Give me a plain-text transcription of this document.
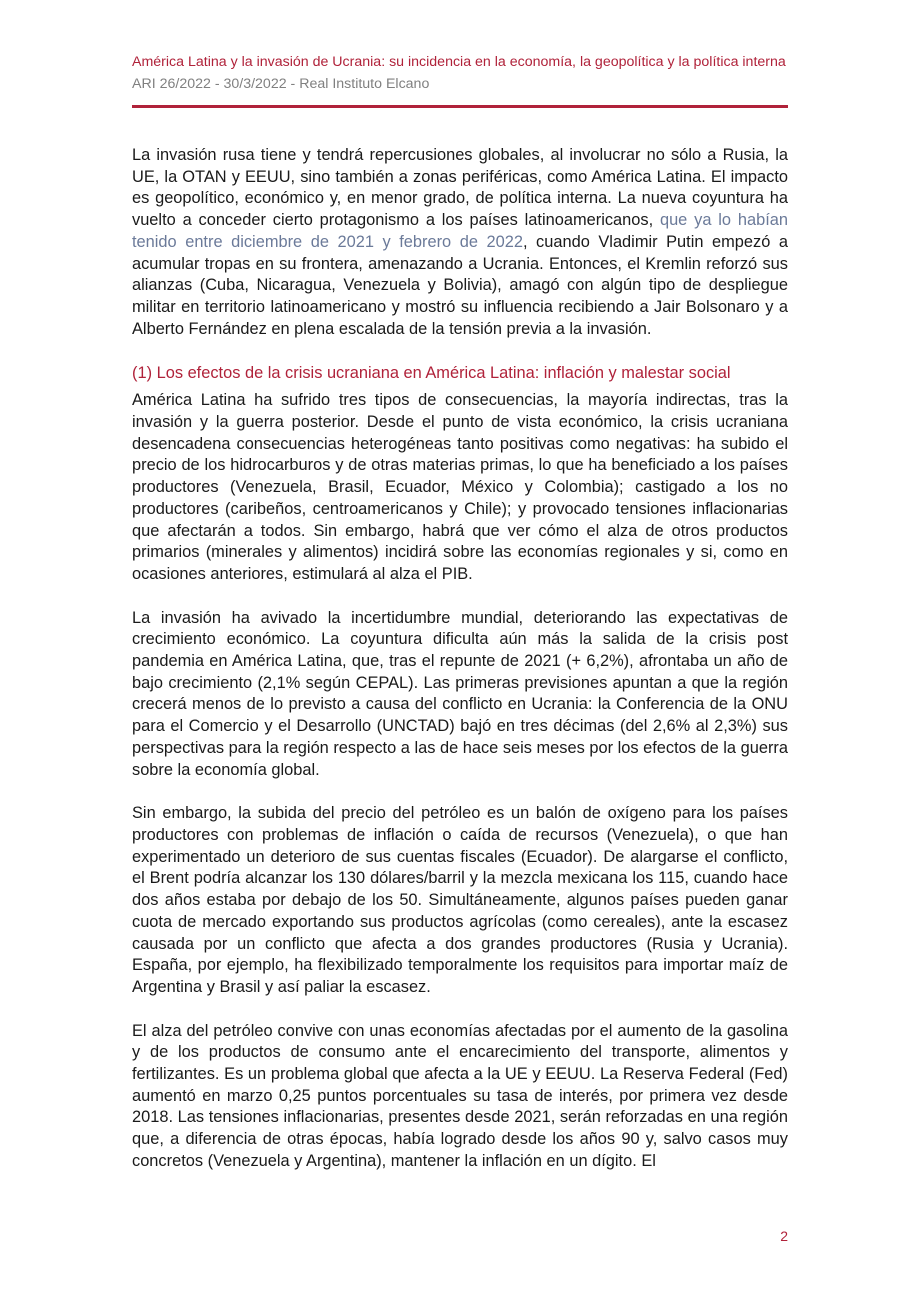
América Latina y la invasión de Ucrania: su incidencia en la economía, la geopolítica y la política interna
ARI 26/2022 - 30/3/2022 - Real Instituto Elcano

La invasión rusa tiene y tendrá repercusiones globales, al involucrar no sólo a Rusia, la UE, la OTAN y EEUU, sino también a zonas periféricas, como América Latina. El impacto es geopolítico, económico y, en menor grado, de política interna. La nueva coyuntura ha vuelto a conceder cierto protagonismo a los países latinoamericanos, que ya lo habían tenido entre diciembre de 2021 y febrero de 2022, cuando Vladimir Putin empezó a acumular tropas en su frontera, amenazando a Ucrania. Entonces, el Kremlin reforzó sus alianzas (Cuba, Nicaragua, Venezuela y Bolivia), amagó con algún tipo de despliegue militar en territorio latinoamericano y mostró su influencia recibiendo a Jair Bolsonaro y a Alberto Fernández en plena escalada de la tensión previa a la invasión.

(1) Los efectos de la crisis ucraniana en América Latina: inflación y malestar social

América Latina ha sufrido tres tipos de consecuencias, la mayoría indirectas, tras la invasión y la guerra posterior. Desde el punto de vista económico, la crisis ucraniana desencadena consecuencias heterogéneas tanto positivas como negativas: ha subido el precio de los hidrocarburos y de otras materias primas, lo que ha beneficiado a los países productores (Venezuela, Brasil, Ecuador, México y Colombia); castigado a los no productores (caribeños, centroamericanos y Chile); y provocado tensiones inflacionarias que afectarán a todos. Sin embargo, habrá que ver cómo el alza de otros productos primarios (minerales y alimentos) incidirá sobre las economías regionales y si, como en ocasiones anteriores, estimulará al alza el PIB.

La invasión ha avivado la incertidumbre mundial, deteriorando las expectativas de crecimiento económico. La coyuntura dificulta aún más la salida de la crisis post pandemia en América Latina, que, tras el repunte de 2021 (+ 6,2%), afrontaba un año de bajo crecimiento (2,1% según CEPAL). Las primeras previsiones apuntan a que la región crecerá menos de lo previsto a causa del conflicto en Ucrania: la Conferencia de la ONU para el Comercio y el Desarrollo (UNCTAD) bajó en tres décimas (del 2,6% al 2,3%) sus perspectivas para la región respecto a las de hace seis meses por los efectos de la guerra sobre la economía global.

Sin embargo, la subida del precio del petróleo es un balón de oxígeno para los países productores con problemas de inflación o caída de recursos (Venezuela), o que han experimentado un deterioro de sus cuentas fiscales (Ecuador). De alargarse el conflicto, el Brent podría alcanzar los 130 dólares/barril y la mezcla mexicana los 115, cuando hace dos años estaba por debajo de los 50. Simultáneamente, algunos países pueden ganar cuota de mercado exportando sus productos agrícolas (como cereales), ante la escasez causada por un conflicto que afecta a dos grandes productores (Rusia y Ucrania). España, por ejemplo, ha flexibilizado temporalmente los requisitos para importar maíz de Argentina y Brasil y así paliar la escasez.

El alza del petróleo convive con unas economías afectadas por el aumento de la gasolina y de los productos de consumo ante el encarecimiento del transporte, alimentos y fertilizantes. Es un problema global que afecta a la UE y EEUU. La Reserva Federal (Fed) aumentó en marzo 0,25 puntos porcentuales su tasa de interés, por primera vez desde 2018. Las tensiones inflacionarias, presentes desde 2021, serán reforzadas en una región que, a diferencia de otras épocas, había logrado desde los años 90 y, salvo casos muy concretos (Venezuela y Argentina), mantener la inflación en un dígito. El

2
